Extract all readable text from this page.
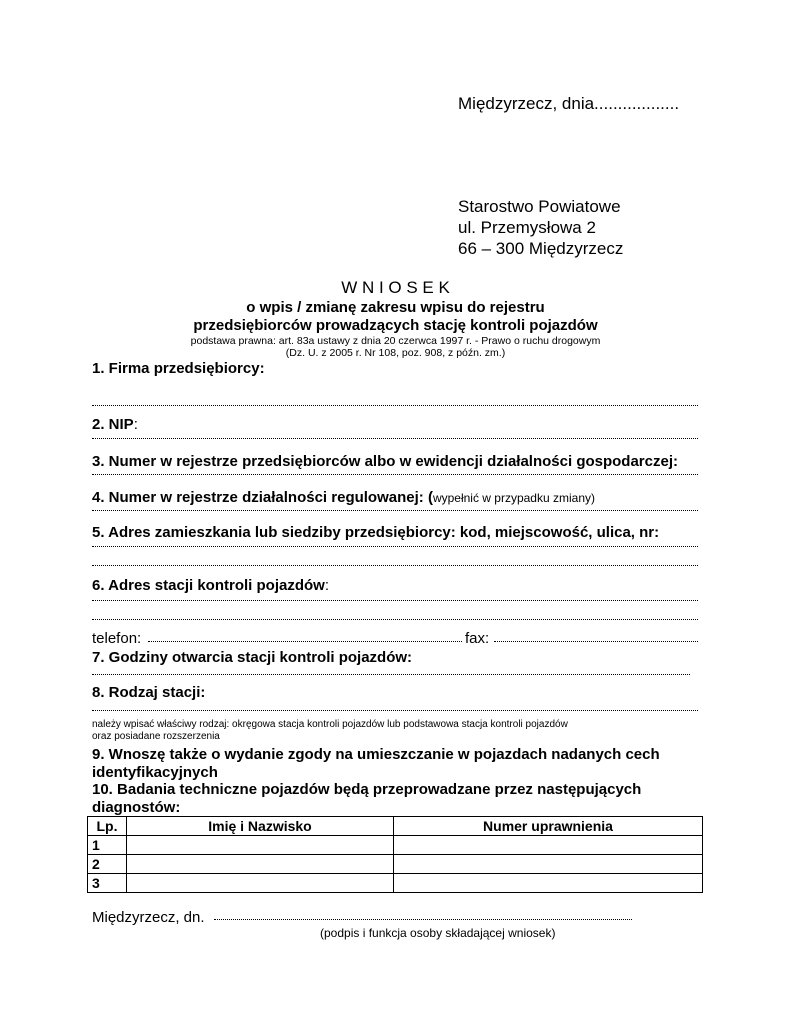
Międzyrzecz, dnia..................
Starostwo Powiatowe
ul. Przemysłowa 2
66 – 300 Międzyrzecz
W N I O S E K
o wpis / zmianę zakresu wpisu do rejestru
przedsiębiorców prowadzących stację kontroli pojazdów
podstawa prawna: art. 83a ustawy z dnia 20 czerwca 1997 r. - Prawo o ruchu drogowym
(Dz. U. z 2005 r. Nr 108, poz. 908, z późn. zm.)
1. Firma przedsiębiorcy:
2. NIP:
3. Numer w rejestrze przedsiębiorców albo w ewidencji działalności gospodarczej:
4. Numer w rejestrze działalności regulowanej: (wypełnić w przypadku zmiany)
5. Adres zamieszkania lub siedziby przedsiębiorcy: kod, miejscowość, ulica, nr:
6. Adres stacji kontroli pojazdów:
telefon:	fax:
7. Godziny otwarcia stacji kontroli pojazdów:
8. Rodzaj stacji:
należy wpisać właściwy rodzaj: okręgowa stacja kontroli pojazdów lub podstawowa stacja kontroli pojazdów
oraz posiadane rozszerzenia
9. Wnoszę także o wydanie zgody na umieszczanie w pojazdach nadanych cech
identyfikacyjnych
10. Badania techniczne pojazdów będą przeprowadzane przez następujących
diagnostów:
Lp.	Imię i Nazwisko	Numer uprawnienia
1		
2		
3		
Międzyrzecz, dn.
(podpis i funkcja osoby składającej wniosek)
